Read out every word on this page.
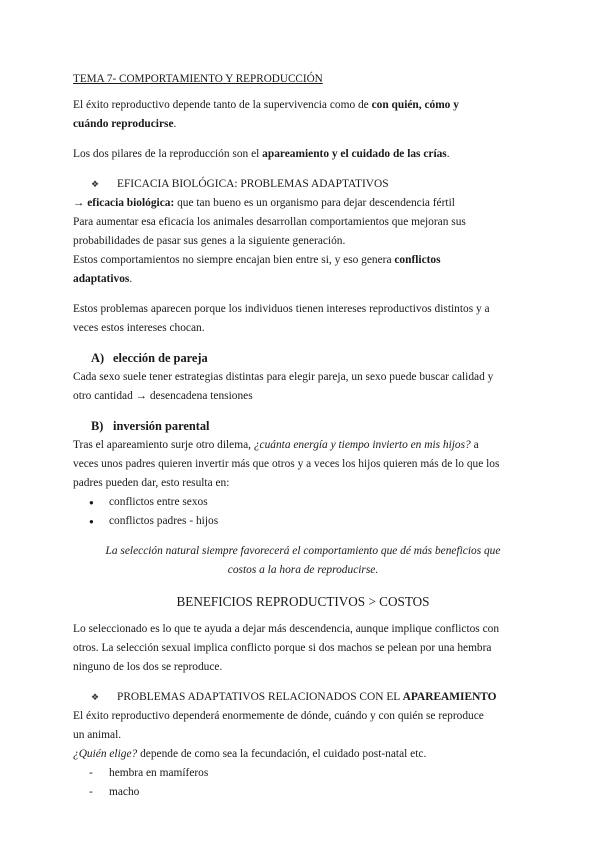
TEMA 7- COMPORTAMIENTO Y REPRODUCCIÓN

El éxito reproductivo depende tanto de la supervivencia como de con quién, cómo y

cuándo reproducirse.

Los dos pilares de la reproducción son el apareamiento y el cuidado de las crías.

❖	EFICACIA BIOLÓGICA: PROBLEMAS ADAPTATIVOS

→ eficacia biológica: que tan bueno es un organismo para dejar descendencia fértil

Para aumentar esa eficacia los animales desarrollan comportamientos que mejoran sus

probabilidades de pasar sus genes a la siguiente generación.

Estos comportamientos no siempre encajan bien entre si, y eso genera conflictos

adaptativos.

Estos problemas aparecen porque los individuos tienen intereses reproductivos distintos y a

veces estos intereses chocan.

A) elección de pareja

Cada sexo suele tener estrategias distintas para elegir pareja, un sexo puede buscar calidad y

otro cantidad → desencadena tensiones

B) inversión parental

Tras el apareamiento surje otro dilema, ¿cuánta energía y tiempo invierto en mis hijos? a

veces unos padres quieren invertir más que otros y a veces los hijos quieren más de lo que los

padres pueden dar, esto resulta en:

●	conflictos entre sexos
●	conflictos padres - hijos

La selección natural siempre favorecerá el comportamiento que dé más beneficios que
costos a la hora de reproducirse.

BENEFICIOS REPRODUCTIVOS > COSTOS

Lo seleccionado es lo que te ayuda a dejar más descendencia, aunque implique conflictos con

otros. La selección sexual implica conflicto porque si dos machos se pelean por una hembra

ninguno de los dos se reproduce.

❖	PROBLEMAS ADAPTATIVOS RELACIONADOS CON EL APAREAMIENTO

El éxito reproductivo dependerá enormemente de dónde, cuándo y con quién se reproduce

un animal.

¿Quién elige? depende de como sea la fecundación, el cuidado post-natal etc.

-	hembra en mamíferos
-	macho
